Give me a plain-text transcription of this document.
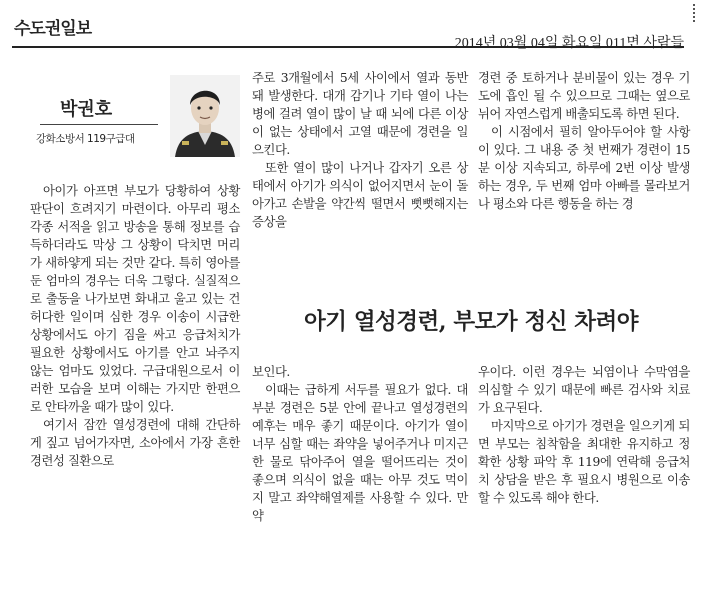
수도권일보
2014년 03월 04일 화요일 011면 사람들
박권호
강화소방서 119구급대

아이가 아프면 부모가 당황하여 상황 판단이 흐려지기 마련이다. 아무리 평소 각종 서적을 읽고 방송을 통해 정보를 습득하더라도 막상 그 상황이 닥치면 머리가 새하얗게 되는 것만 같다. 특히 영아를 둔 엄마의 경우는 더욱 그렇다. 실질적으로 출동을 나가보면 화내고 울고 있는 건 허다한 일이며 심한 경우 이송이 시급한 상황에서도 아기 짐을 싸고 응급처치가 필요한 상황에서도 아기를 안고 놔주지 않는 엄마도 있었다. 구급대원으로서 이러한 모습을 보며 이해는 가지만 한편으로 안타까울 때가 많이 있다.

여기서 잠깐 열성경련에 대해 간단하게 짚고 넘어가자면, 소아에서 가장 흔한 경련성 질환으로

주로 3개월에서 5세 사이에서 열과 동반돼 발생한다. 대개 감기나 기타 열이 나는 병에 걸려 열이 많이 날 때 뇌에 다른 이상이 없는 상태에서 고열 때문에 경련을 일으킨다.

또한 열이 많이 나거나 갑자기 오른 상태에서 아기가 의식이 없어지면서 눈이 돌아가고 손발을 약간씩 떨면서 뻣뻣해지는 증상을

경련 중 토하거나 분비물이 있는 경우 기도에 흡인 될 수 있으므로 그때는 옆으로 뉘어 자연스럽게 배출되도록 하면 된다.

이 시점에서 필히 알아두어야 할 사항이 있다. 그 내용 중 첫 번째가 경련이 15분 이상 지속되고, 하루에 2번 이상 발생하는 경우, 두 번째 엄마 아빠를 몰라보거나 평소와 다른 행동을 하는 경

아기 열성경련, 부모가 정신 차려야

보인다.

이때는 급하게 서두를 필요가 없다. 대부분 경련은 5분 안에 끝나고 열성경련의 예후는 매우 좋기 때문이다. 아기가 열이 너무 심할 때는 좌약을 넣어주거나 미지근한 물로 닦아주어 열을 떨어뜨리는 것이 좋으며 의식이 없을 때는 아무 것도 먹이지 말고 좌약해열제를 사용할 수 있다. 만약

우이다. 이런 경우는 뇌염이나 수막염을 의심할 수 있기 때문에 빠른 검사와 치료가 요구된다.

마지막으로 아기가 경련을 일으키게 되면 부모는 침착함을 최대한 유지하고 정확한 상황 파악 후 119에 연락해 응급처치 상담을 받은 후 필요시 병원으로 이송할 수 있도록 해야 한다.
